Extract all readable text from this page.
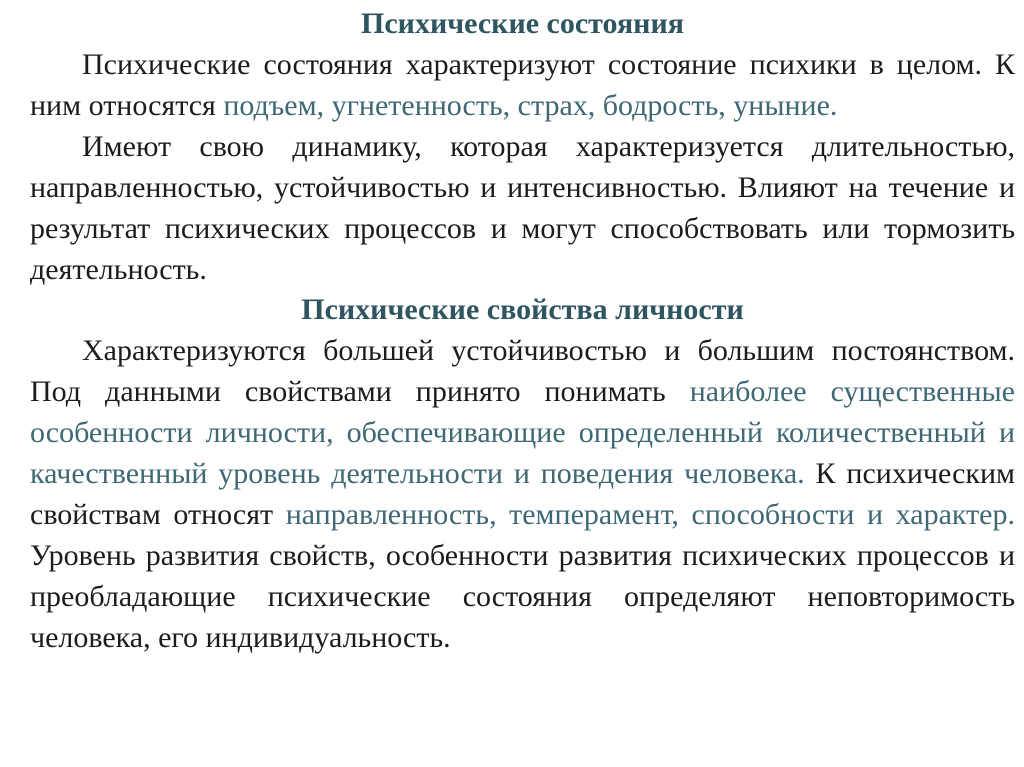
Психические состояния

Психические состояния характеризуют состояние психики в целом. К ним относятся подъем, угнетенность, страх, бодрость, уныние.

Имеют свою динамику, которая характеризуется длительностью, направленностью, устойчивостью и интенсивностью. Влияют на течение и результат психических процессов и могут способствовать или тормозить деятельность.

Психические свойства личности

Характеризуются большей устойчивостью и большим постоянством. Под данными свойствами принято понимать наиболее существенные особенности личности, обеспечивающие определенный количественный и качественный уровень деятельности и поведения человека. К психическим свойствам относят направленность, темперамент, способности и характер. Уровень развития свойств, особенности развития психических процессов и преобладающие психические состояния определяют неповторимость человека, его индивидуальность.
